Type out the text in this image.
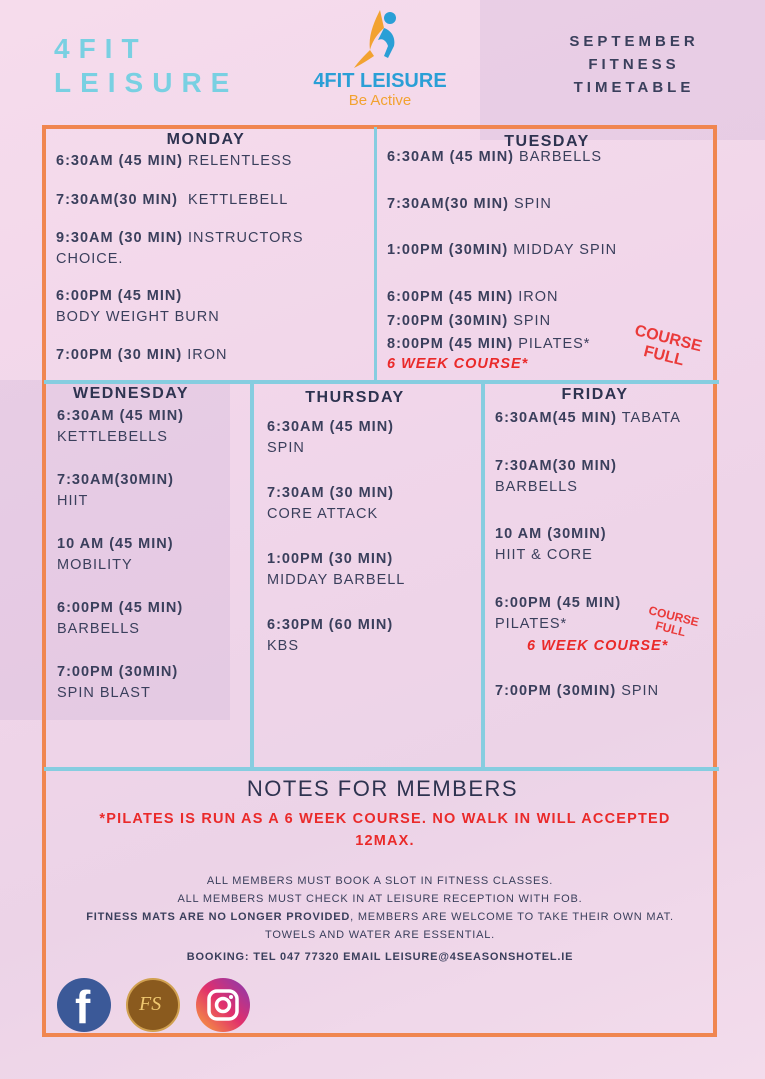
4FIT
LEISURE	4FIT LEISURE
Be Active
SEPTEMBER
FITNESS
TIMETABLE
MONDAY
6:30AM (45 MIN) RELENTLESS
7:30AM(30 MIN) KETTLEBELL
9:30AM (30 MIN) INSTRUCTORS CHOICE.
6:00PM (45 MIN)
BODY WEIGHT BURN
7:00PM (30 MIN) IRON
TUESDAY
6:30AM (45 MIN) BARBELLS
7:30AM(30 MIN) SPIN
1:00PM (30MIN) MIDDAY SPIN
6:00PM (45 MIN) IRON
7:00PM (30MIN) SPIN
8:00PM (45 MIN) PILATES*
6 WEEK COURSE*
COURSE FULL
WEDNESDAY
6:30AM (45 MIN)
KETTLEBELLS
7:30AM(30MIN)
HIIT
10 AM (45 MIN)
MOBILITY
6:00PM (45 MIN)
BARBELLS
7:00PM (30MIN) SPIN BLAST
THURSDAY
6:30AM (45 MIN)
SPIN
7:30AM (30 MIN)
CORE ATTACK
1:00PM (30 MIN)
MIDDAY BARBELL
6:30PM (60 MIN)
KBS
FRIDAY
6:30AM(45 MIN) TABATA
7:30AM(30 MIN)
BARBELLS
10 AM (30MIN)
HIIT & CORE
6:00PM (45 MIN)
PILATES*
6 WEEK COURSE*
7:00PM (30MIN) SPIN
COURSE FULL
NOTES FOR MEMBERS
*PILATES IS RUN AS A 6 WEEK COURSE. NO WALK IN WILL ACCEPTED 12MAX.
ALL MEMBERS MUST BOOK A SLOT IN FITNESS CLASSES.
ALL MEMBERS MUST CHECK IN AT LEISURE RECEPTION WITH FOB.
FITNESS MATS ARE NO LONGER PROVIDED, MEMBERS ARE WELCOME TO TAKE THEIR OWN MAT.
TOWELS AND WATER ARE ESSENTIAL.
BOOKING: TEL 047 77320 EMAIL LEISURE@4SEASONSHOTEL.IE
f FS
